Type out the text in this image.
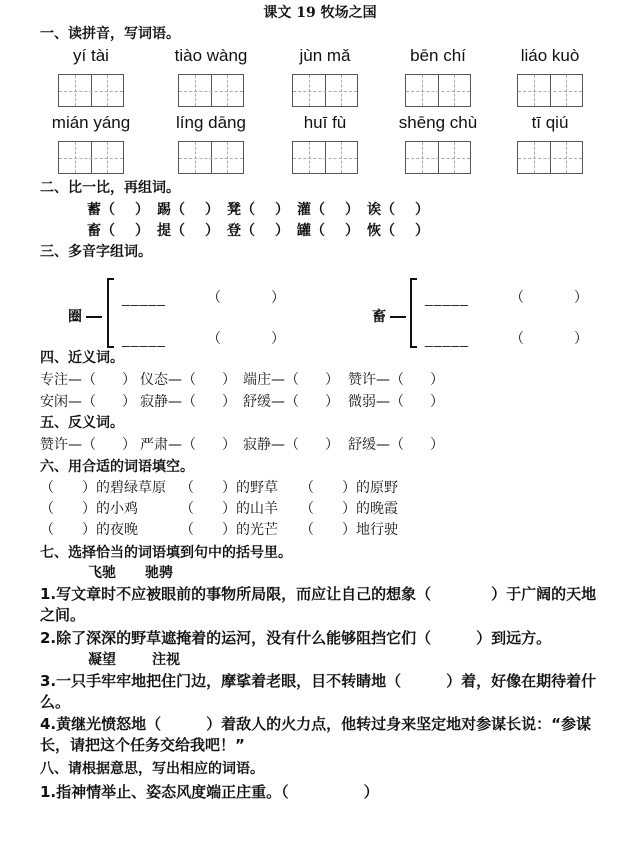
课文 19 牧场之国
一、读拼音，写词语。
yí tài	tiào wàng	jùn mǎ	bēn chí	liáo kuò
mián yáng	líng dāng	huī fù	shēng chù	tī qiú
二、比一比，再组词。
蓄（ ） 踢（ ） 凳（ ） 灌（ ） 诶（ ）
畜（ ） 提（ ） 登（ ） 罐（ ） 恢（ ）
三、多音字组词。
圈
_____	（	）
_____	（	）
畜
_____	（	）
_____	（	）
四、近义词。
专注—（ ） 仪态—（ ） 端庄—（ ） 赞许—（ ）
安闲—（ ） 寂静—（ ） 舒缓—（ ） 微弱—（ ）
五、反义词。
赞许—（ ） 严肃—（ ） 寂静—（ ） 舒缓—（ ）
六、用合适的词语填空。
（ ）的碧绿草原 （ ）的野草 （ ）的原野
（ ）的小鸡	（ ）的山羊 （ ）的晚霞
（ ）的夜晚	（ ）的光芒 （ ）地行驶
七、选择恰当的词语填到句中的括号里。
飞驰 驰骋
1.写文章时不应被眼前的事物所局限，而应让自己的想象（　　　　）于广阔的天地之间。
2.除了深深的野草遮掩着的运河，没有什么能够阻挡它们（　　　）到远方。
凝望	注视
3.一只手牢牢地把住门边，摩挲着老眼，目不转睛地（　　　）着，好像在期待着什么。
4.黄继光愤怒地（　　　）着敌人的火力点，他转过身来坚定地对参谋长说：“参谋长，请把这个任务交给我吧！”
八、请根据意思，写出相应的词语。
1.指神情举止、姿态风度端正庄重。（　　　　　）
